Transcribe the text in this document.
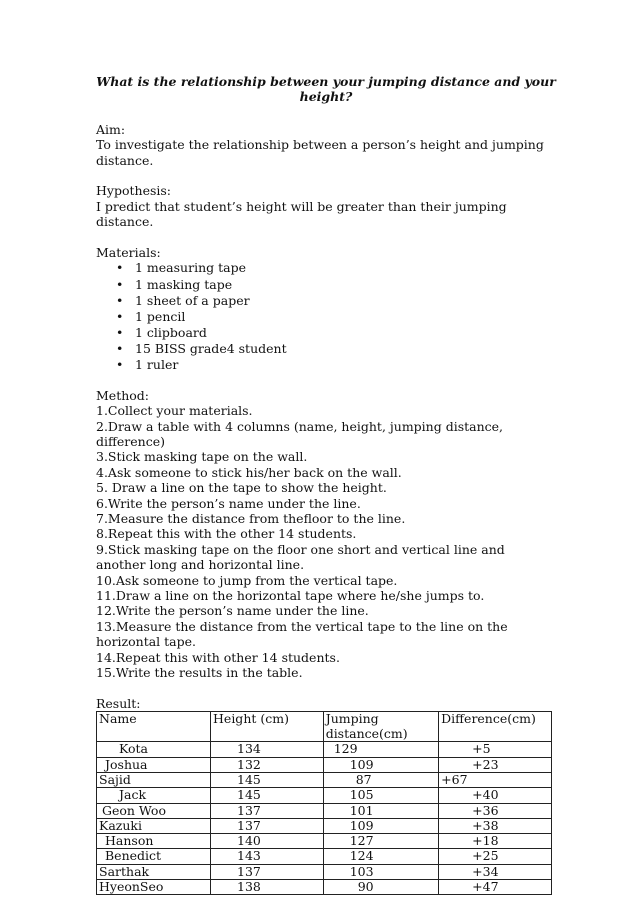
What is the relationship between your jumping distance and your height?

Aim:

To investigate the relationship between a person’s height and jumping distance.

Hypothesis:

I predict that student’s height will be greater than their jumping distance.

Materials:

• 1 measuring tape
• 1 masking tape
• 1 sheet of a paper
• 1 pencil
• 1 clipboard
• 15 BISS grade4 student
• 1 ruler

Method:

1.Collect your materials.
2.Draw a table with 4 columns (name, height, jumping distance, difference)
3.Stick masking tape on the wall.
4.Ask someone to stick his/her back on the wall.
5. Draw a line on the tape to show the height.
6.Write the person’s name under the line.
7.Measure the distance from thefloor to the line.
8.Repeat this with the other 14 students.
9.Stick masking tape on the floor one short and vertical line and another long and horizontal line.
10.Ask someone to jump from the vertical tape.
11.Draw a line on the horizontal tape where he/she jumps to.
12.Write the person’s name under the line.
13.Measure the distance from the vertical tape to the line on the horizontal tape.
14.Repeat this with other 14 students.
15.Write the results in the table.

Result:

Name	Height (cm)	Jumping distance(cm)	Difference(cm)
Kota	134	129	+5
Joshua	132	109	+23
Sajid	145	87	+67
Jack	145	105	+40
Geon Woo	137	101	+36
Kazuki	137	109	+38
Hanson	140	127	+18
Benedict	143	124	+25
Sarthak	137	103	+34
HyeonSeo	138	90	+47
